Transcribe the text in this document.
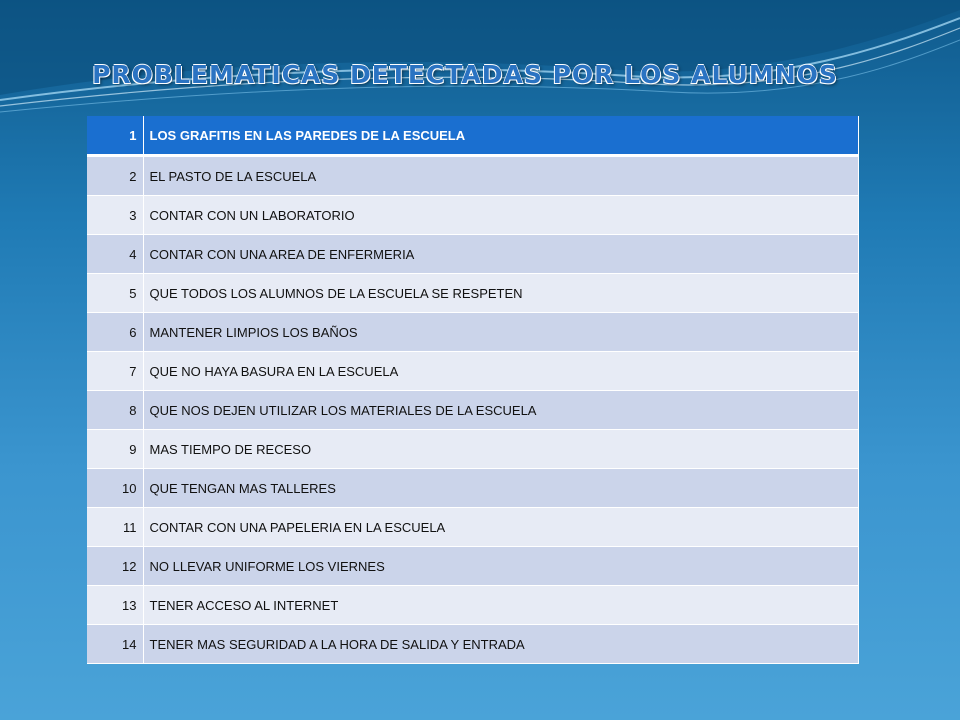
PROBLEMATICAS DETECTADAS POR LOS ALUMNOS
1	LOS GRAFITIS EN LAS PAREDES DE LA ESCUELA
2	EL PASTO DE LA ESCUELA
3	CONTAR CON UN LABORATORIO
4	CONTAR CON UNA AREA DE ENFERMERIA
5	QUE TODOS LOS ALUMNOS DE LA ESCUELA SE RESPETEN
6	MANTENER LIMPIOS LOS BAÑOS
7	QUE NO HAYA BASURA EN LA ESCUELA
8	QUE NOS DEJEN UTILIZAR LOS MATERIALES DE LA ESCUELA
9	MAS TIEMPO DE RECESO
10	QUE TENGAN MAS TALLERES
11	CONTAR CON UNA PAPELERIA EN LA ESCUELA
12	NO LLEVAR UNIFORME LOS VIERNES
13	TENER ACCESO AL INTERNET
14	TENER MAS SEGURIDAD A LA HORA DE SALIDA Y ENTRADA
